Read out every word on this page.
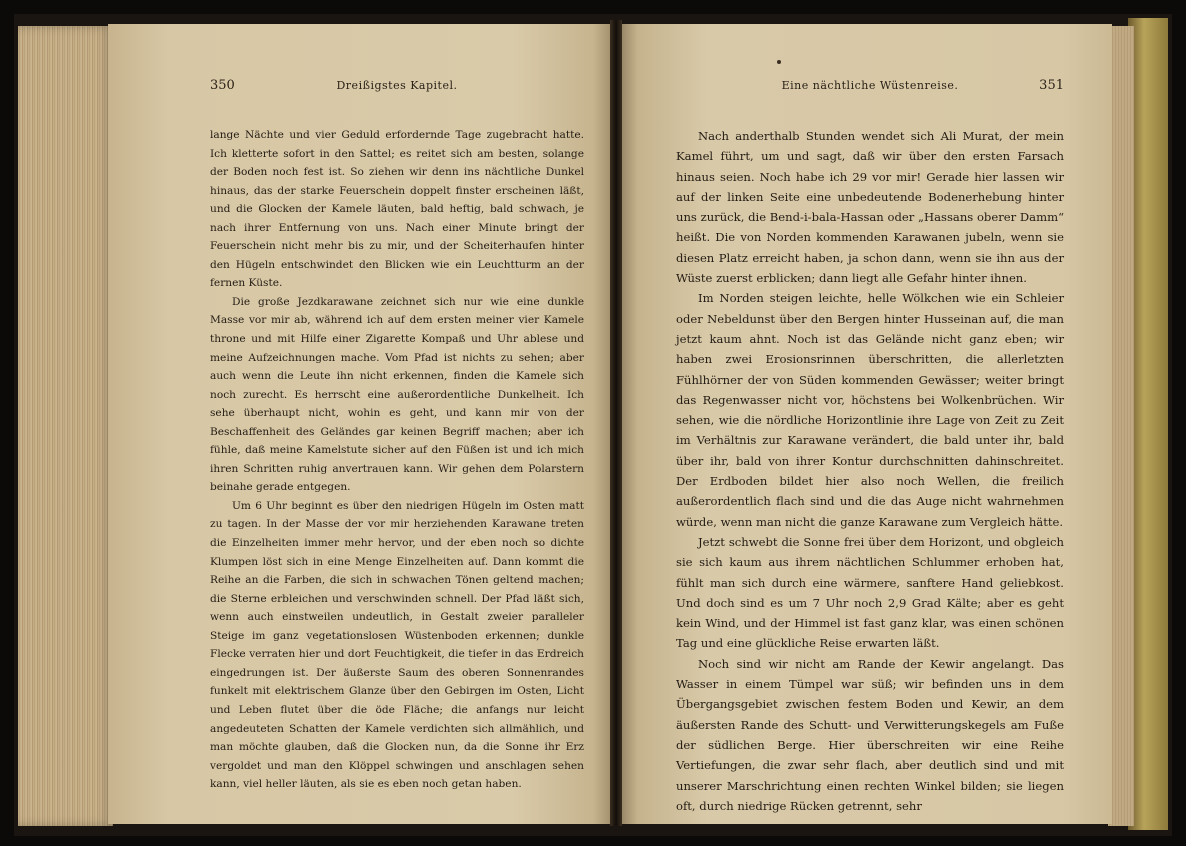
350	Dreißigstes Kapitel.

lange Nächte und vier Geduld erfordernde Tage zugebracht hatte. Ich kletterte sofort in den Sattel; es reitet sich am besten, solange der Boden noch fest ist. So ziehen wir denn ins nächtliche Dunkel hinaus, das der starke Feuerschein doppelt finster erscheinen läßt, und die Glocken der Kamele läuten, bald heftig, bald schwach, je nach ihrer Entfernung von uns. Nach einer Minute bringt der Feuerschein nicht mehr bis zu mir, und der Scheiterhaufen hinter den Hügeln entschwindet den Blicken wie ein Leuchtturm an der fernen Küste.

Die große Jezdkarawane zeichnet sich nur wie eine dunkle Masse vor mir ab, während ich auf dem ersten meiner vier Kamele throne und mit Hilfe einer Zigarette Kompaß und Uhr ablese und meine Aufzeichnungen mache. Vom Pfad ist nichts zu sehen; aber auch wenn die Leute ihn nicht erkennen, finden die Kamele sich noch zurecht. Es herrscht eine außerordentliche Dunkelheit. Ich sehe überhaupt nicht, wohin es geht, und kann mir von der Beschaffenheit des Geländes gar keinen Begriff machen; aber ich fühle, daß meine Kamelstute sicher auf den Füßen ist und ich mich ihren Schritten ruhig anvertrauen kann. Wir gehen dem Polarstern beinahe gerade entgegen.

Um 6 Uhr beginnt es über den niedrigen Hügeln im Osten matt zu tagen. In der Masse der vor mir herziehenden Karawane treten die Einzelheiten immer mehr hervor, und der eben noch so dichte Klumpen löst sich in eine Menge Einzelheiten auf. Dann kommt die Reihe an die Farben, die sich in schwachen Tönen geltend machen; die Sterne erbleichen und verschwinden schnell. Der Pfad läßt sich, wenn auch einstweilen undeutlich, in Gestalt zweier paralleler Steige im ganz vegetationslosen Wüstenboden erkennen; dunkle Flecke verraten hier und dort Feuchtigkeit, die tiefer in das Erdreich eingedrungen ist. Der äußerste Saum des oberen Sonnenrandes funkelt mit elektrischem Glanze über den Gebirgen im Osten, Licht und Leben flutet über die öde Fläche; die anfangs nur leicht angedeuteten Schatten der Kamele verdichten sich allmählich, und man möchte glauben, daß die Glocken nun, da die Sonne ihr Erz vergoldet und man den Klöppel schwingen und anschlagen sehen kann, viel heller läuten, als sie es eben noch getan haben.

Eine nächtliche Wüstenreise.	351

Nach anderthalb Stunden wendet sich Ali Murat, der mein Kamel führt, um und sagt, daß wir über den ersten Farsach hinaus seien. Noch habe ich 29 vor mir! Gerade hier lassen wir auf der linken Seite eine unbedeutende Bodenerhebung hinter uns zurück, die Bend-i-bala-Hassan oder „Hassans oberer Damm“ heißt. Die von Norden kommenden Karawanen jubeln, wenn sie diesen Platz erreicht haben, ja schon dann, wenn sie ihn aus der Wüste zuerst erblicken; dann liegt alle Gefahr hinter ihnen.

Im Norden steigen leichte, helle Wölkchen wie ein Schleier oder Nebeldunst über den Bergen hinter Husseinan auf, die man jetzt kaum ahnt. Noch ist das Gelände nicht ganz eben; wir haben zwei Erosionsrinnen überschritten, die allerletzten Fühlhörner der von Süden kommenden Gewässer; weiter bringt das Regenwasser nicht vor, höchstens bei Wolkenbrüchen. Wir sehen, wie die nördliche Horizontlinie ihre Lage von Zeit zu Zeit im Verhältnis zur Karawane verändert, die bald unter ihr, bald über ihr, bald von ihrer Kontur durchschnitten dahinschreitet. Der Erdboden bildet hier also noch Wellen, die freilich außerordentlich flach sind und die das Auge nicht wahrnehmen würde, wenn man nicht die ganze Karawane zum Vergleich hätte.

Jetzt schwebt die Sonne frei über dem Horizont, und obgleich sie sich kaum aus ihrem nächtlichen Schlummer erhoben hat, fühlt man sich durch eine wärmere, sanftere Hand geliebkost. Und doch sind es um 7 Uhr noch 2,9 Grad Kälte; aber es geht kein Wind, und der Himmel ist fast ganz klar, was einen schönen Tag und eine glückliche Reise erwarten läßt.

Noch sind wir nicht am Rande der Kewir angelangt. Das Wasser in einem Tümpel war süß; wir befinden uns in dem Übergangsgebiet zwischen festem Boden und Kewir, an dem äußersten Rande des Schutt- und Verwitterungskegels am Fuße der südlichen Berge. Hier überschreiten wir eine Reihe Vertiefungen, die zwar sehr flach, aber deutlich sind und mit unserer Marschrichtung einen rechten Winkel bilden; sie liegen oft, durch niedrige Rücken getrennt, sehr
